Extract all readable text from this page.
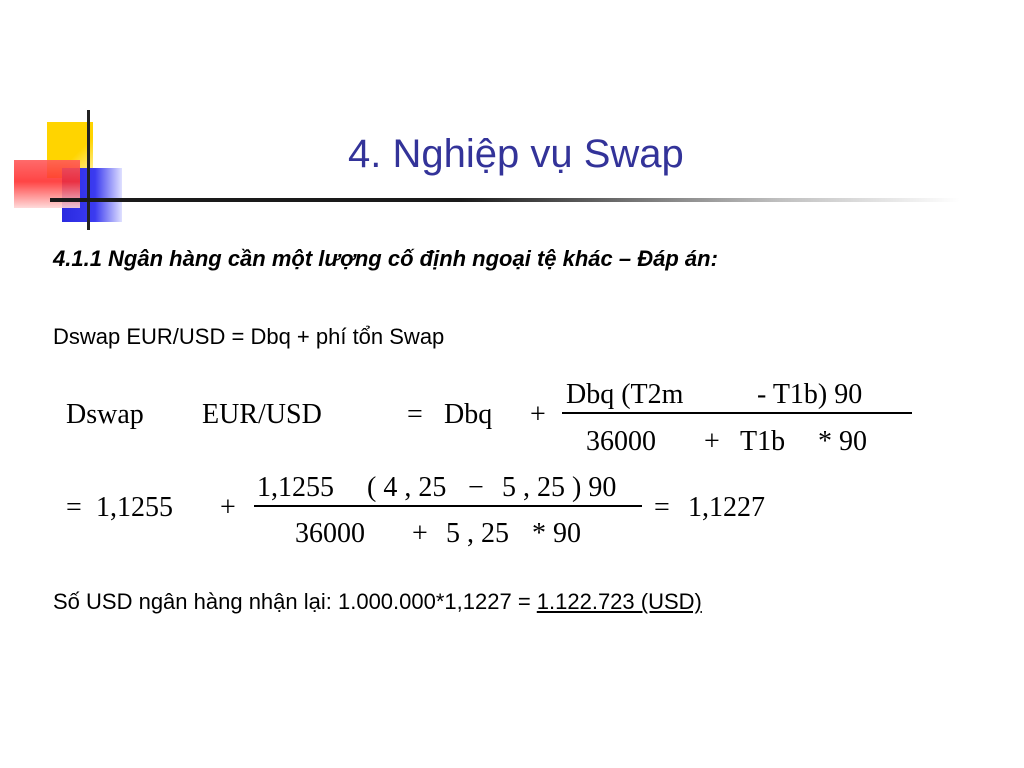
4. Nghiệp vụ Swap
4.1.1 Ngân hàng cần một lượng cố định ngoại tệ khác – Đáp án:
Dswap EUR/USD = Dbq + phí tổn Swap
Dswap EUR/USD	= Dbq +
Dbq (T2m	- T1b) 90
36000 + T1b * 90
= 1,1255 +
1,1255 ( 4 , 25 − 5 , 25 ) 90
36000 + 5 , 25 * 90
= 1,1227
Số USD ngân hàng nhận lại: 1.000.000*1,1227 = 1.122.723 (USD)
